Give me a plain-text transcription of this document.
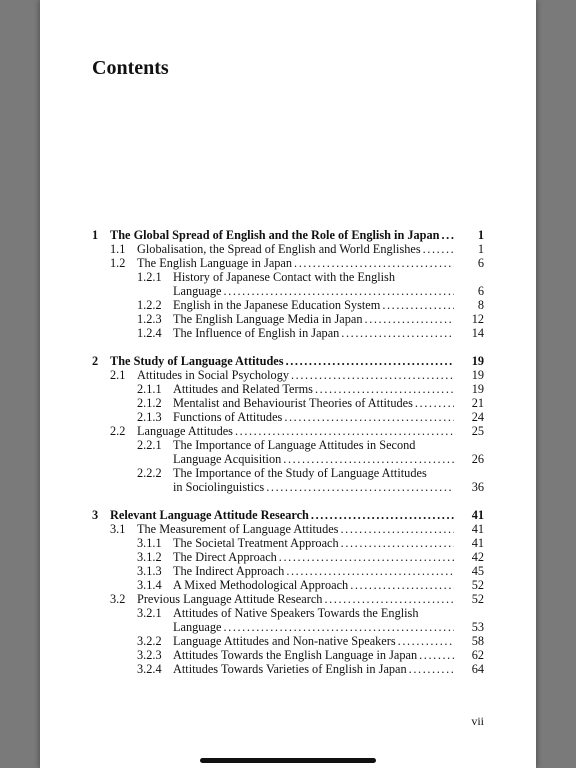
Contents
1 The Global Spread of English and the Role of English in Japan .....	1
1.1 Globalisation, the Spread of English and World Englishes .....	1
1.2 The English Language in Japan .....	6
1.2.1 History of Japanese Contact with the English
Language .....	6
1.2.2 English in the Japanese Education System .....	8
1.2.3 The English Language Media in Japan .....	12
1.2.4 The Influence of English in Japan .....	14
2 The Study of Language Attitudes .....	19
2.1 Attitudes in Social Psychology .....	19
2.1.1 Attitudes and Related Terms .....	19
2.1.2 Mentalist and Behaviourist Theories of Attitudes .....	21
2.1.3 Functions of Attitudes .....	24
2.2 Language Attitudes .....	25
2.2.1 The Importance of Language Attitudes in Second
Language Acquisition .....	26
2.2.2 The Importance of the Study of Language Attitudes
in Sociolinguistics .....	36
3 Relevant Language Attitude Research .....	41
3.1 The Measurement of Language Attitudes .....	41
3.1.1 The Societal Treatment Approach .....	41
3.1.2 The Direct Approach .....	42
3.1.3 The Indirect Approach .....	45
3.1.4 A Mixed Methodological Approach .....	52
3.2 Previous Language Attitude Research .....	52
3.2.1 Attitudes of Native Speakers Towards the English
Language .....	53
3.2.2 Language Attitudes and Non-native Speakers .....	58
3.2.3 Attitudes Towards the English Language in Japan .....	62
3.2.4 Attitudes Towards Varieties of English in Japan .....	64
vii
